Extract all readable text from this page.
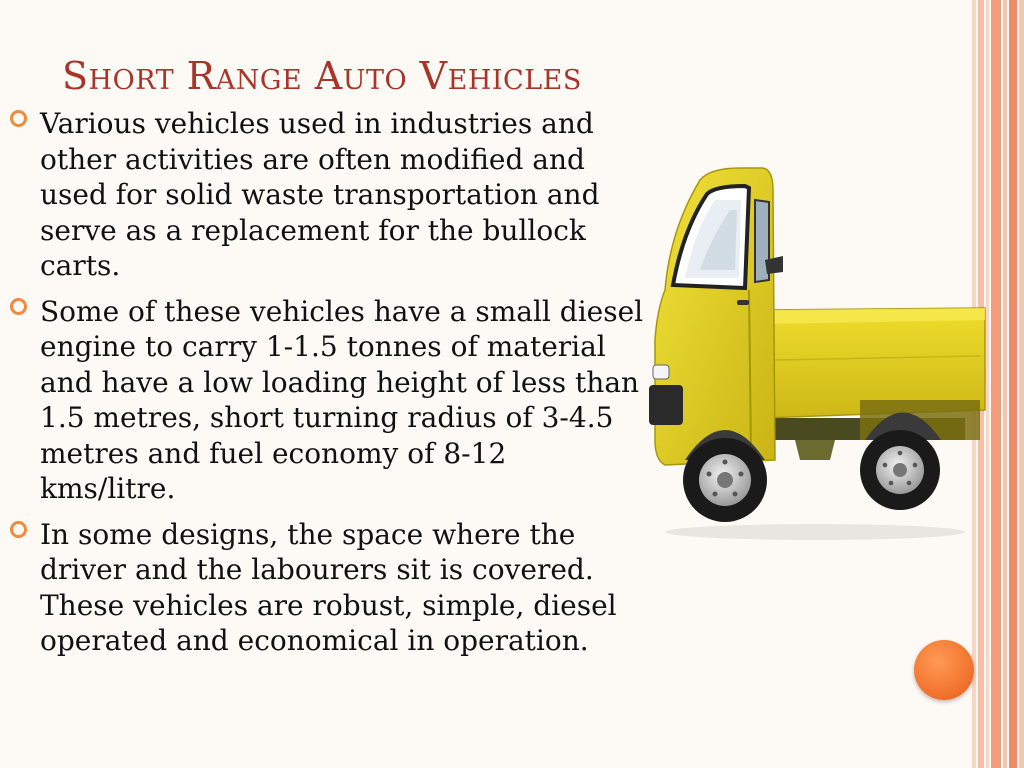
Short Range Auto Vehicles
Various vehicles used in industries and other activities are often modified and used for solid waste transportation and serve as a replacement for the bullock carts.
Some of these vehicles have a small diesel engine to carry 1-1.5 tonnes of material and have a low loading height of less than 1.5 metres, short turning radius of 3-4.5 metres and fuel economy of 8-12 kms/litre.
In some designs, the space where the driver and the labourers sit is covered. These vehicles are robust, simple, diesel operated and economical in operation.
